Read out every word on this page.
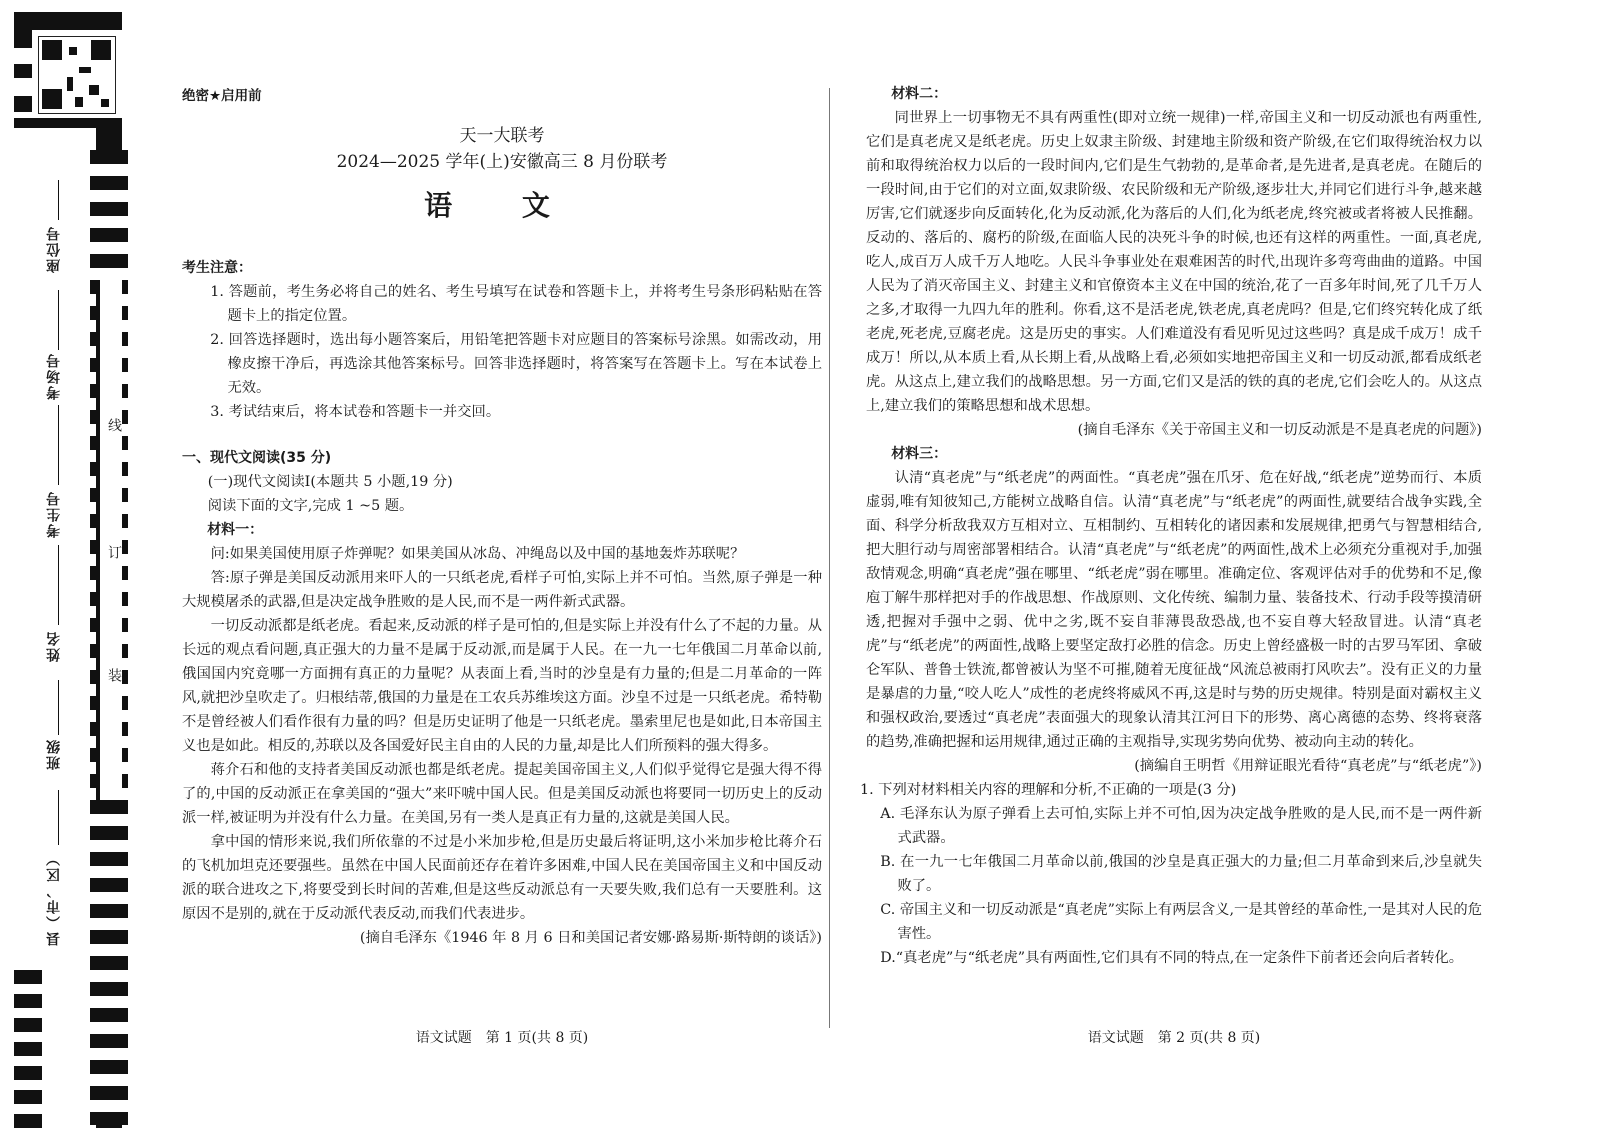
座位号
考场号
考生号
姓名
班级
县（市、区）
线
订
装
绝密★启用前
天一大联考
2024—2025 学年(上)安徽高三 8 月份联考
语 文

考生注意：

1. 答题前，考生务必将自己的姓名、考生号填写在试卷和答题卡上，并将考生号条形码粘贴在答题卡上的指定位置。

2. 回答选择题时，选出每小题答案后，用铅笔把答题卡对应题目的答案标号涂黑。如需改动，用橡皮擦干净后，再选涂其他答案标号。回答非选择题时，将答案写在答题卡上。写在本试卷上无效。

3. 考试结束后，将本试卷和答题卡一并交回。

一、现代文阅读(35 分)

(一)现代文阅读Ⅰ(本题共 5 小题,19 分)

阅读下面的文字,完成 1 ~5 题。

材料一：

问:如果美国使用原子炸弹呢？如果美国从冰岛、冲绳岛以及中国的基地轰炸苏联呢？

答:原子弹是美国反动派用来吓人的一只纸老虎,看样子可怕,实际上并不可怕。当然,原子弹是一种大规模屠杀的武器,但是决定战争胜败的是人民,而不是一两件新式武器。

一切反动派都是纸老虎。看起来,反动派的样子是可怕的,但是实际上并没有什么了不起的力量。从长远的观点看问题,真正强大的力量不是属于反动派,而是属于人民。在一九一七年俄国二月革命以前,俄国国内究竟哪一方面拥有真正的力量呢？从表面上看,当时的沙皇是有力量的;但是二月革命的一阵风,就把沙皇吹走了。归根结蒂,俄国的力量是在工农兵苏维埃这方面。沙皇不过是一只纸老虎。希特勒不是曾经被人们看作很有力量的吗？但是历史证明了他是一只纸老虎。墨索里尼也是如此,日本帝国主义也是如此。相反的,苏联以及各国爱好民主自由的人民的力量,却是比人们所预料的强大得多。

蒋介石和他的支持者美国反动派也都是纸老虎。提起美国帝国主义,人们似乎觉得它是强大得不得了的,中国的反动派正在拿美国的“强大”来吓唬中国人民。但是美国反动派也将要同一切历史上的反动派一样,被证明为并没有什么力量。在美国,另有一类人是真正有力量的,这就是美国人民。

拿中国的情形来说,我们所依靠的不过是小米加步枪,但是历史最后将证明,这小米加步枪比蒋介石的飞机加坦克还要强些。虽然在中国人民面前还存在着许多困难,中国人民在美国帝国主义和中国反动派的联合进攻之下,将要受到长时间的苦难,但是这些反动派总有一天要失败,我们总有一天要胜利。这原因不是别的,就在于反动派代表反动,而我们代表进步。

(摘自毛泽东《1946 年 8 月 6 日和美国记者安娜·路易斯·斯特朗的谈话》)

语文试题　第 1 页(共 8 页)

材料二：

同世界上一切事物无不具有两重性(即对立统一规律)一样,帝国主义和一切反动派也有两重性,它们是真老虎又是纸老虎。历史上奴隶主阶级、封建地主阶级和资产阶级,在它们取得统治权力以前和取得统治权力以后的一段时间内,它们是生气勃勃的,是革命者,是先进者,是真老虎。在随后的一段时间,由于它们的对立面,奴隶阶级、农民阶级和无产阶级,逐步壮大,并同它们进行斗争,越来越厉害,它们就逐步向反面转化,化为反动派,化为落后的人们,化为纸老虎,终究被或者将被人民推翻。反动的、落后的、腐朽的阶级,在面临人民的决死斗争的时候,也还有这样的两重性。一面,真老虎,吃人,成百万人成千万人地吃。人民斗争事业处在艰难困苦的时代,出现许多弯弯曲曲的道路。中国人民为了消灭帝国主义、封建主义和官僚资本主义在中国的统治,花了一百多年时间,死了几千万人之多,才取得一九四九年的胜利。你看,这不是活老虎,铁老虎,真老虎吗？但是,它们终究转化成了纸老虎,死老虎,豆腐老虎。这是历史的事实。人们难道没有看见听见过这些吗？真是成千成万！成千成万！所以,从本质上看,从长期上看,从战略上看,必须如实地把帝国主义和一切反动派,都看成纸老虎。从这点上,建立我们的战略思想。另一方面,它们又是活的铁的真的老虎,它们会吃人的。从这点上,建立我们的策略思想和战术思想。

(摘自毛泽东《关于帝国主义和一切反动派是不是真老虎的问题》)

材料三：

认清“真老虎”与“纸老虎”的两面性。“真老虎”强在爪牙、危在好战,“纸老虎”逆势而行、本质虚弱,唯有知彼知己,方能树立战略自信。认清“真老虎”与“纸老虎”的两面性,就要结合战争实践,全面、科学分析敌我双方互相对立、互相制约、互相转化的诸因素和发展规律,把勇气与智慧相结合,把大胆行动与周密部署相结合。认清“真老虎”与“纸老虎”的两面性,战术上必须充分重视对手,加强敌情观念,明确“真老虎”强在哪里、“纸老虎”弱在哪里。准确定位、客观评估对手的优势和不足,像庖丁解牛那样把对手的作战思想、作战原则、文化传统、编制力量、装备技术、行动手段等摸清研透,把握对手强中之弱、优中之劣,既不妄自菲薄畏敌恐战,也不妄自尊大轻敌冒进。认清“真老虎”与“纸老虎”的两面性,战略上要坚定敌打必胜的信念。历史上曾经盛极一时的古罗马军团、拿破仑军队、普鲁士铁流,都曾被认为坚不可摧,随着无度征战“风流总被雨打风吹去”。没有正义的力量是暴虐的力量,“咬人吃人”成性的老虎终将威风不再,这是时与势的历史规律。特别是面对霸权主义和强权政治,要透过“真老虎”表面强大的现象认清其江河日下的形势、离心离德的态势、终将衰落的趋势,准确把握和运用规律,通过正确的主观指导,实现劣势向优势、被动向主动的转化。

(摘编自王明哲《用辩证眼光看待“真老虎”与“纸老虎”》)

1. 下列对材料相关内容的理解和分析,不正确的一项是(3 分)

A. 毛泽东认为原子弹看上去可怕,实际上并不可怕,因为决定战争胜败的是人民,而不是一两件新式武器。

B. 在一九一七年俄国二月革命以前,俄国的沙皇是真正强大的力量;但二月革命到来后,沙皇就失败了。

C. 帝国主义和一切反动派是“真老虎”实际上有两层含义,一是其曾经的革命性,一是其对人民的危害性。

D.“真老虎”与“纸老虎”具有两面性,它们具有不同的特点,在一定条件下前者还会向后者转化。

语文试题　第 2 页(共 8 页)
